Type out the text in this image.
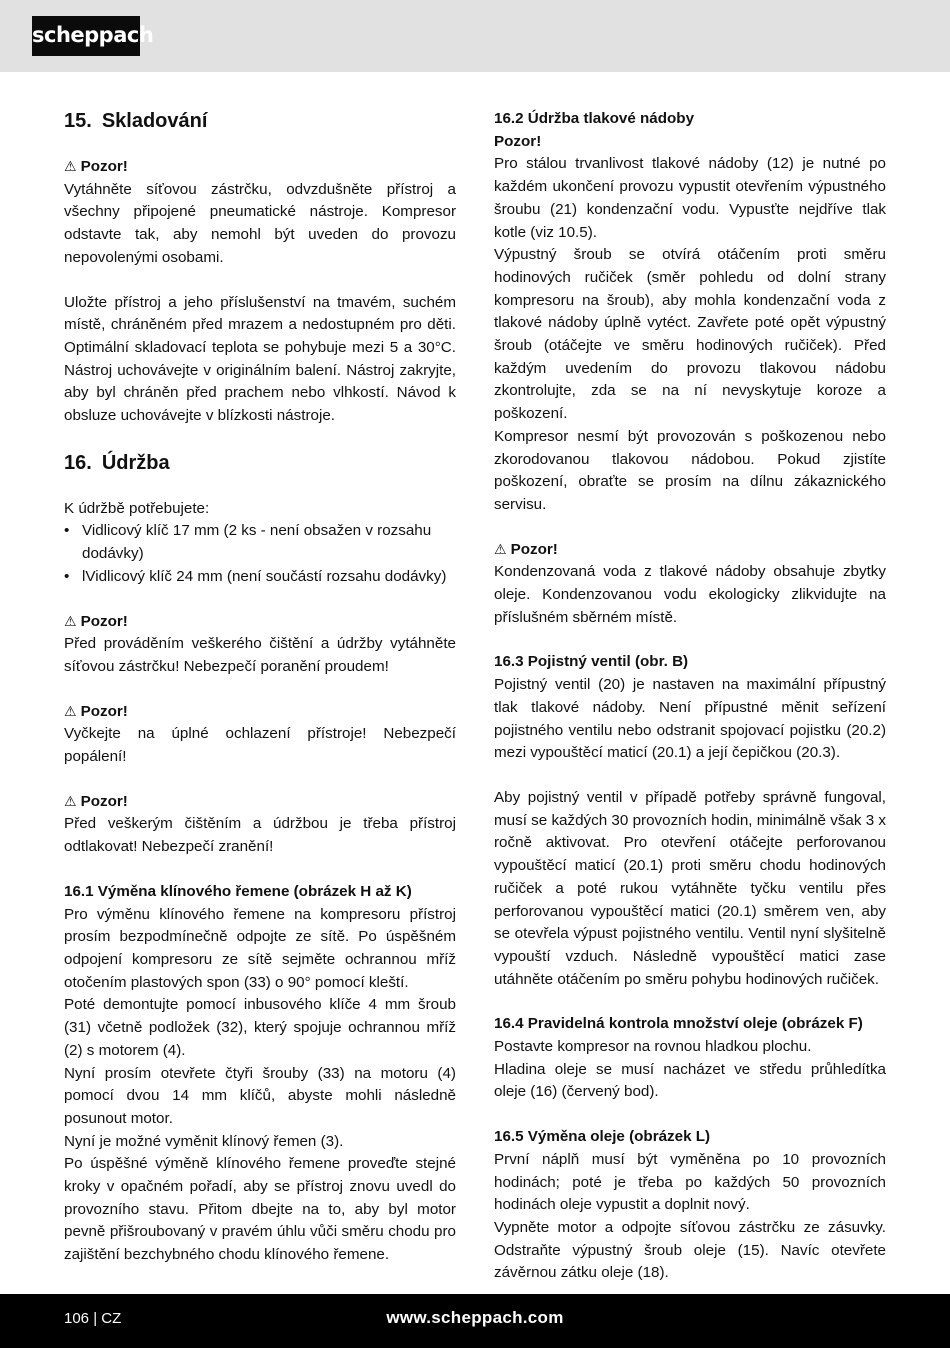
scheppach
15. Skladování
⚠ Pozor!

Vytáhněte síťovou zástrčku, odvzdušněte přístroj a všechny připojené pneumatické nástroje. Kompresor odstavte tak, aby nemohl být uveden do provozu nepovolenými osobami.

Uložte přístroj a jeho příslušenství na tmavém, suchém místě, chráněném před mrazem a nedostupném pro děti. Optimální skladovací teplota se pohybuje mezi 5 a 30°C. Nástroj uchovávejte v originálním balení. Nástroj zakryjte, aby byl chráněn před prachem nebo vlhkostí. Návod k obsluze uchovávejte v blízkosti nástroje.

16. Údržba

K údržbě potřebujete:

• Vidlicový klíč 17 mm (2 ks - není obsažen v rozsahu dodávky)
• lVidlicový klíč 24 mm (není součástí rozsahu dodávky)
⚠ Pozor!

Před prováděním veškerého čištění a údržby vytáhněte síťovou zástrčku! Nebezpečí poranění proudem!

⚠ Pozor!

Vyčkejte na úplné ochlazení přístroje! Nebezpečí popálení!

⚠ Pozor!

Před veškerým čištěním a údržbou je třeba přístroj odtlakovat! Nebezpečí zranění!

16.1 Výměna klínového řemene (obrázek H až K)

Pro výměnu klínového řemene na kompresoru přístroj prosím bezpodmínečně odpojte ze sítě. Po úspěšném odpojení kompresoru ze sítě sejměte ochrannou mříž otočením plastových spon (33) o 90° pomocí kleští.

Poté demontujte pomocí inbusového klíče 4 mm šroub (31) včetně podložek (32), který spojuje ochrannou mříž (2) s motorem (4).

Nyní prosím otevřete čtyři šrouby (33) na motoru (4) pomocí dvou 14 mm klíčů, abyste mohli následně posunout motor.

Nyní je možné vyměnit klínový řemen (3).

Po úspěšné výměně klínového řemene proveďte stejné kroky v opačném pořadí, aby se přístroj znovu uvedl do provozního stavu. Přitom dbejte na to, aby byl motor pevně přišroubovaný v pravém úhlu vůči směru chodu pro zajištění bezchybného chodu klínového řemene.

16.2 Údržba tlakové nádoby
Pozor!

Pro stálou trvanlivost tlakové nádoby (12) je nutné po každém ukončení provozu vypustit otevřením výpustného šroubu (21) kondenzační vodu. Vypusťte nejdříve tlak kotle (viz 10.5).

Výpustný šroub se otvírá otáčením proti směru hodinových ručiček (směr pohledu od dolní strany kompresoru na šroub), aby mohla kondenzační voda z tlakové nádoby úplně vytéct. Zavřete poté opět výpustný šroub (otáčejte ve směru hodinových ručiček). Před každým uvedením do provozu tlakovou nádobu zkontrolujte, zda se na ní nevyskytuje koroze a poškození.

Kompresor nesmí být provozován s poškozenou nebo zkorodovanou tlakovou nádobou. Pokud zjistíte poškození, obraťte se prosím na dílnu zákaznického servisu.

⚠ Pozor!

Kondenzovaná voda z tlakové nádoby obsahuje zbytky oleje. Kondenzovanou vodu ekologicky zlikvidujte na příslušném sběrném místě.

16.3 Pojistný ventil (obr. B)

Pojistný ventil (20) je nastaven na maximální přípustný tlak tlakové nádoby. Není přípustné měnit seřízení pojistného ventilu nebo odstranit spojovací pojistku (20.2) mezi vypouštěcí maticí (20.1) a její čepičkou (20.3).

Aby pojistný ventil v případě potřeby správně fungoval, musí se každých 30 provozních hodin, minimálně však 3 x ročně aktivovat. Pro otevření otáčejte perforovanou vypouštěcí maticí (20.1) proti směru chodu hodinových ručiček a poté rukou vytáhněte tyčku ventilu přes perforovanou vypouštěcí matici (20.1) směrem ven, aby se otevřela výpust pojistného ventilu. Ventil nyní slyšitelně vypouští vzduch. Následně vypouštěcí matici zase utáhněte otáčením po směru pohybu hodinových ručiček.

16.4 Pravidelná kontrola množství oleje (obrázek F)

Postavte kompresor na rovnou hladkou plochu.

Hladina oleje se musí nacházet ve středu průhledítka oleje (16) (červený bod).

16.5 Výměna oleje (obrázek L)

První náplň musí být vyměněna po 10 provozních hodinách; poté je třeba po každých 50 provozních hodinách oleje vypustit a doplnit nový.

Vypněte motor a odpojte síťovou zástrčku ze zásuvky. Odstraňte výpustný šroub oleje (15). Navíc otevřete závěrnou zátku oleje (18).

106 | CZ	www.scheppach.com
